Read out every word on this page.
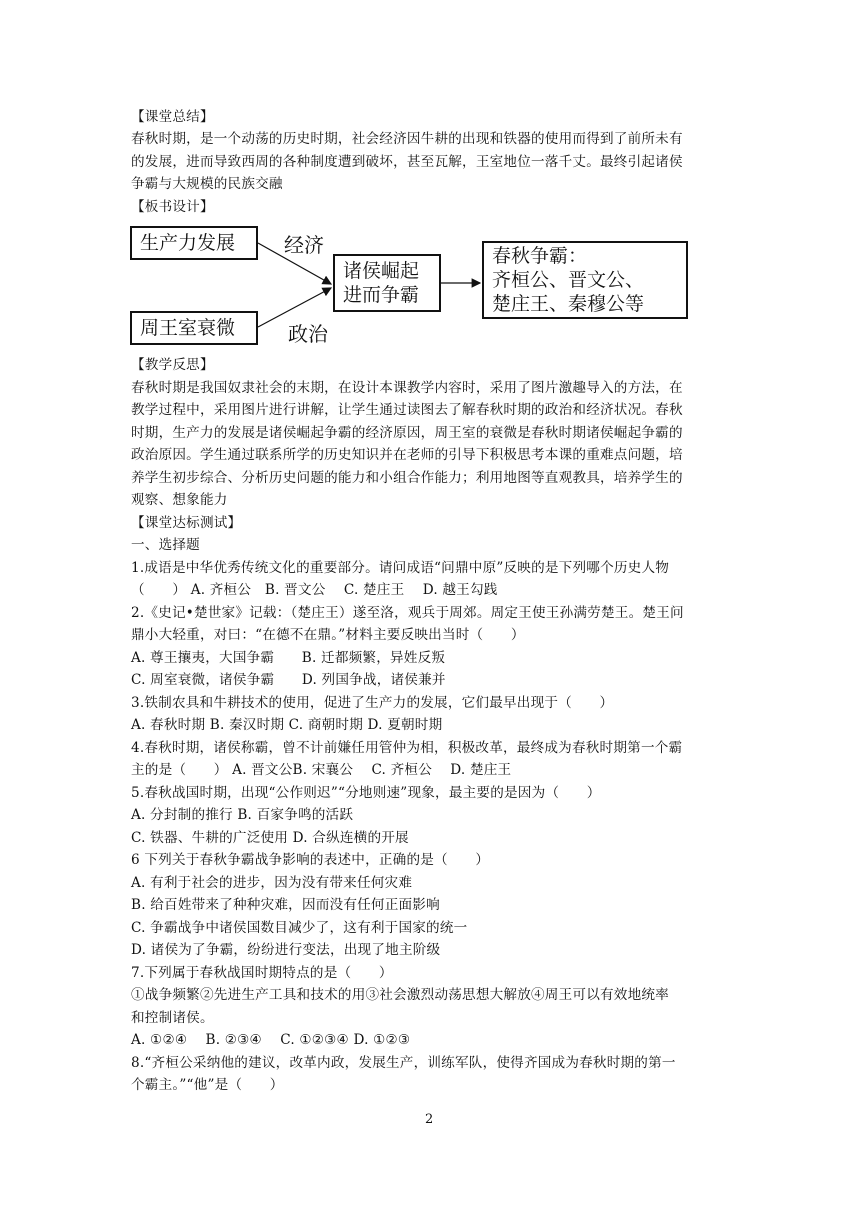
【课堂总结】
春秋时期，是一个动荡的历史时期，社会经济因牛耕的出现和铁器的使用而得到了前所未有
的发展，进而导致西周的各种制度遭到破坏，甚至瓦解，王室地位一落千丈。最终引起诸侯
争霸与大规模的民族交融
【板书设计】
生产力发展
周王室衰微
诸侯崛起
进而争霸
春秋争霸：
齐桓公、晋文公、
楚庄王、秦穆公等
经济
政治
【教学反思】
春秋时期是我国奴隶社会的末期，在设计本课教学内容时，采用了图片激趣导入的方法，在
教学过程中，采用图片进行讲解，让学生通过读图去了解春秋时期的政治和经济状况。春秋
时期，生产力的发展是诸侯崛起争霸的经济原因，周王室的衰微是春秋时期诸侯崛起争霸的
政治原因。学生通过联系所学的历史知识并在老师的引导下积极思考本课的重难点问题，培
养学生初步综合、分析历史问题的能力和小组合作能力；利用地图等直观教具，培养学生的
观察、想象能力
【课堂达标测试】
一、选择题
1.成语是中华优秀传统文化的重要部分。请问成语“问鼎中原”反映的是下列哪个历史人物
（　　） A. 齐桓公　B. 晋文公　 C. 楚庄王　 D. 越王勾践
2.《史记•楚世家》记载：（楚庄王）遂至洛，观兵于周郊。周定王使王孙满劳楚王。楚王问
鼎小大轻重，对曰：“在德不在鼎。”材料主要反映出当时（　　）
A. 尊王攘夷，大国争霸　　B. 迁都频繁，异姓反叛
C. 周室衰微，诸侯争霸　　D. 列国争战，诸侯兼并
3.铁制农具和牛耕技术的使用，促进了生产力的发展，它们最早出现于（　　）
A. 春秋时期 B. 秦汉时期 C. 商朝时期 D. 夏朝时期
4.春秋时期，诸侯称霸，曾不计前嫌任用管仲为相，积极改革，最终成为春秋时期第一个霸
主的是（　　） A. 晋文公B. 宋襄公　 C. 齐桓公　 D. 楚庄王
5.春秋战国时期，出现“公作则迟”“分地则速”现象，最主要的是因为（　　）
A. 分封制的推行 B. 百家争鸣的活跃
C. 铁器、牛耕的广泛使用 D. 合纵连横的开展
6 下列关于春秋争霸战争影响的表述中，正确的是（　　）
A. 有利于社会的进步，因为没有带来任何灾难
B. 给百姓带来了种种灾难，因而没有任何正面影响
C. 争霸战争中诸侯国数目减少了，这有利于国家的统一
D. 诸侯为了争霸，纷纷进行变法，出现了地主阶级
7.下列属于春秋战国时期特点的是（　　）
①战争频繁②先进生产工具和技术的用③社会激烈动荡思想大解放④周王可以有效地统率
和控制诸侯。
A. ①②④　 B. ②③④　 C. ①②③④ D. ①②③
8.“齐桓公采纳他的建议，改革内政，发展生产，训练军队，使得齐国成为春秋时期的第一
个霸主。”“他”是（　　）
2
